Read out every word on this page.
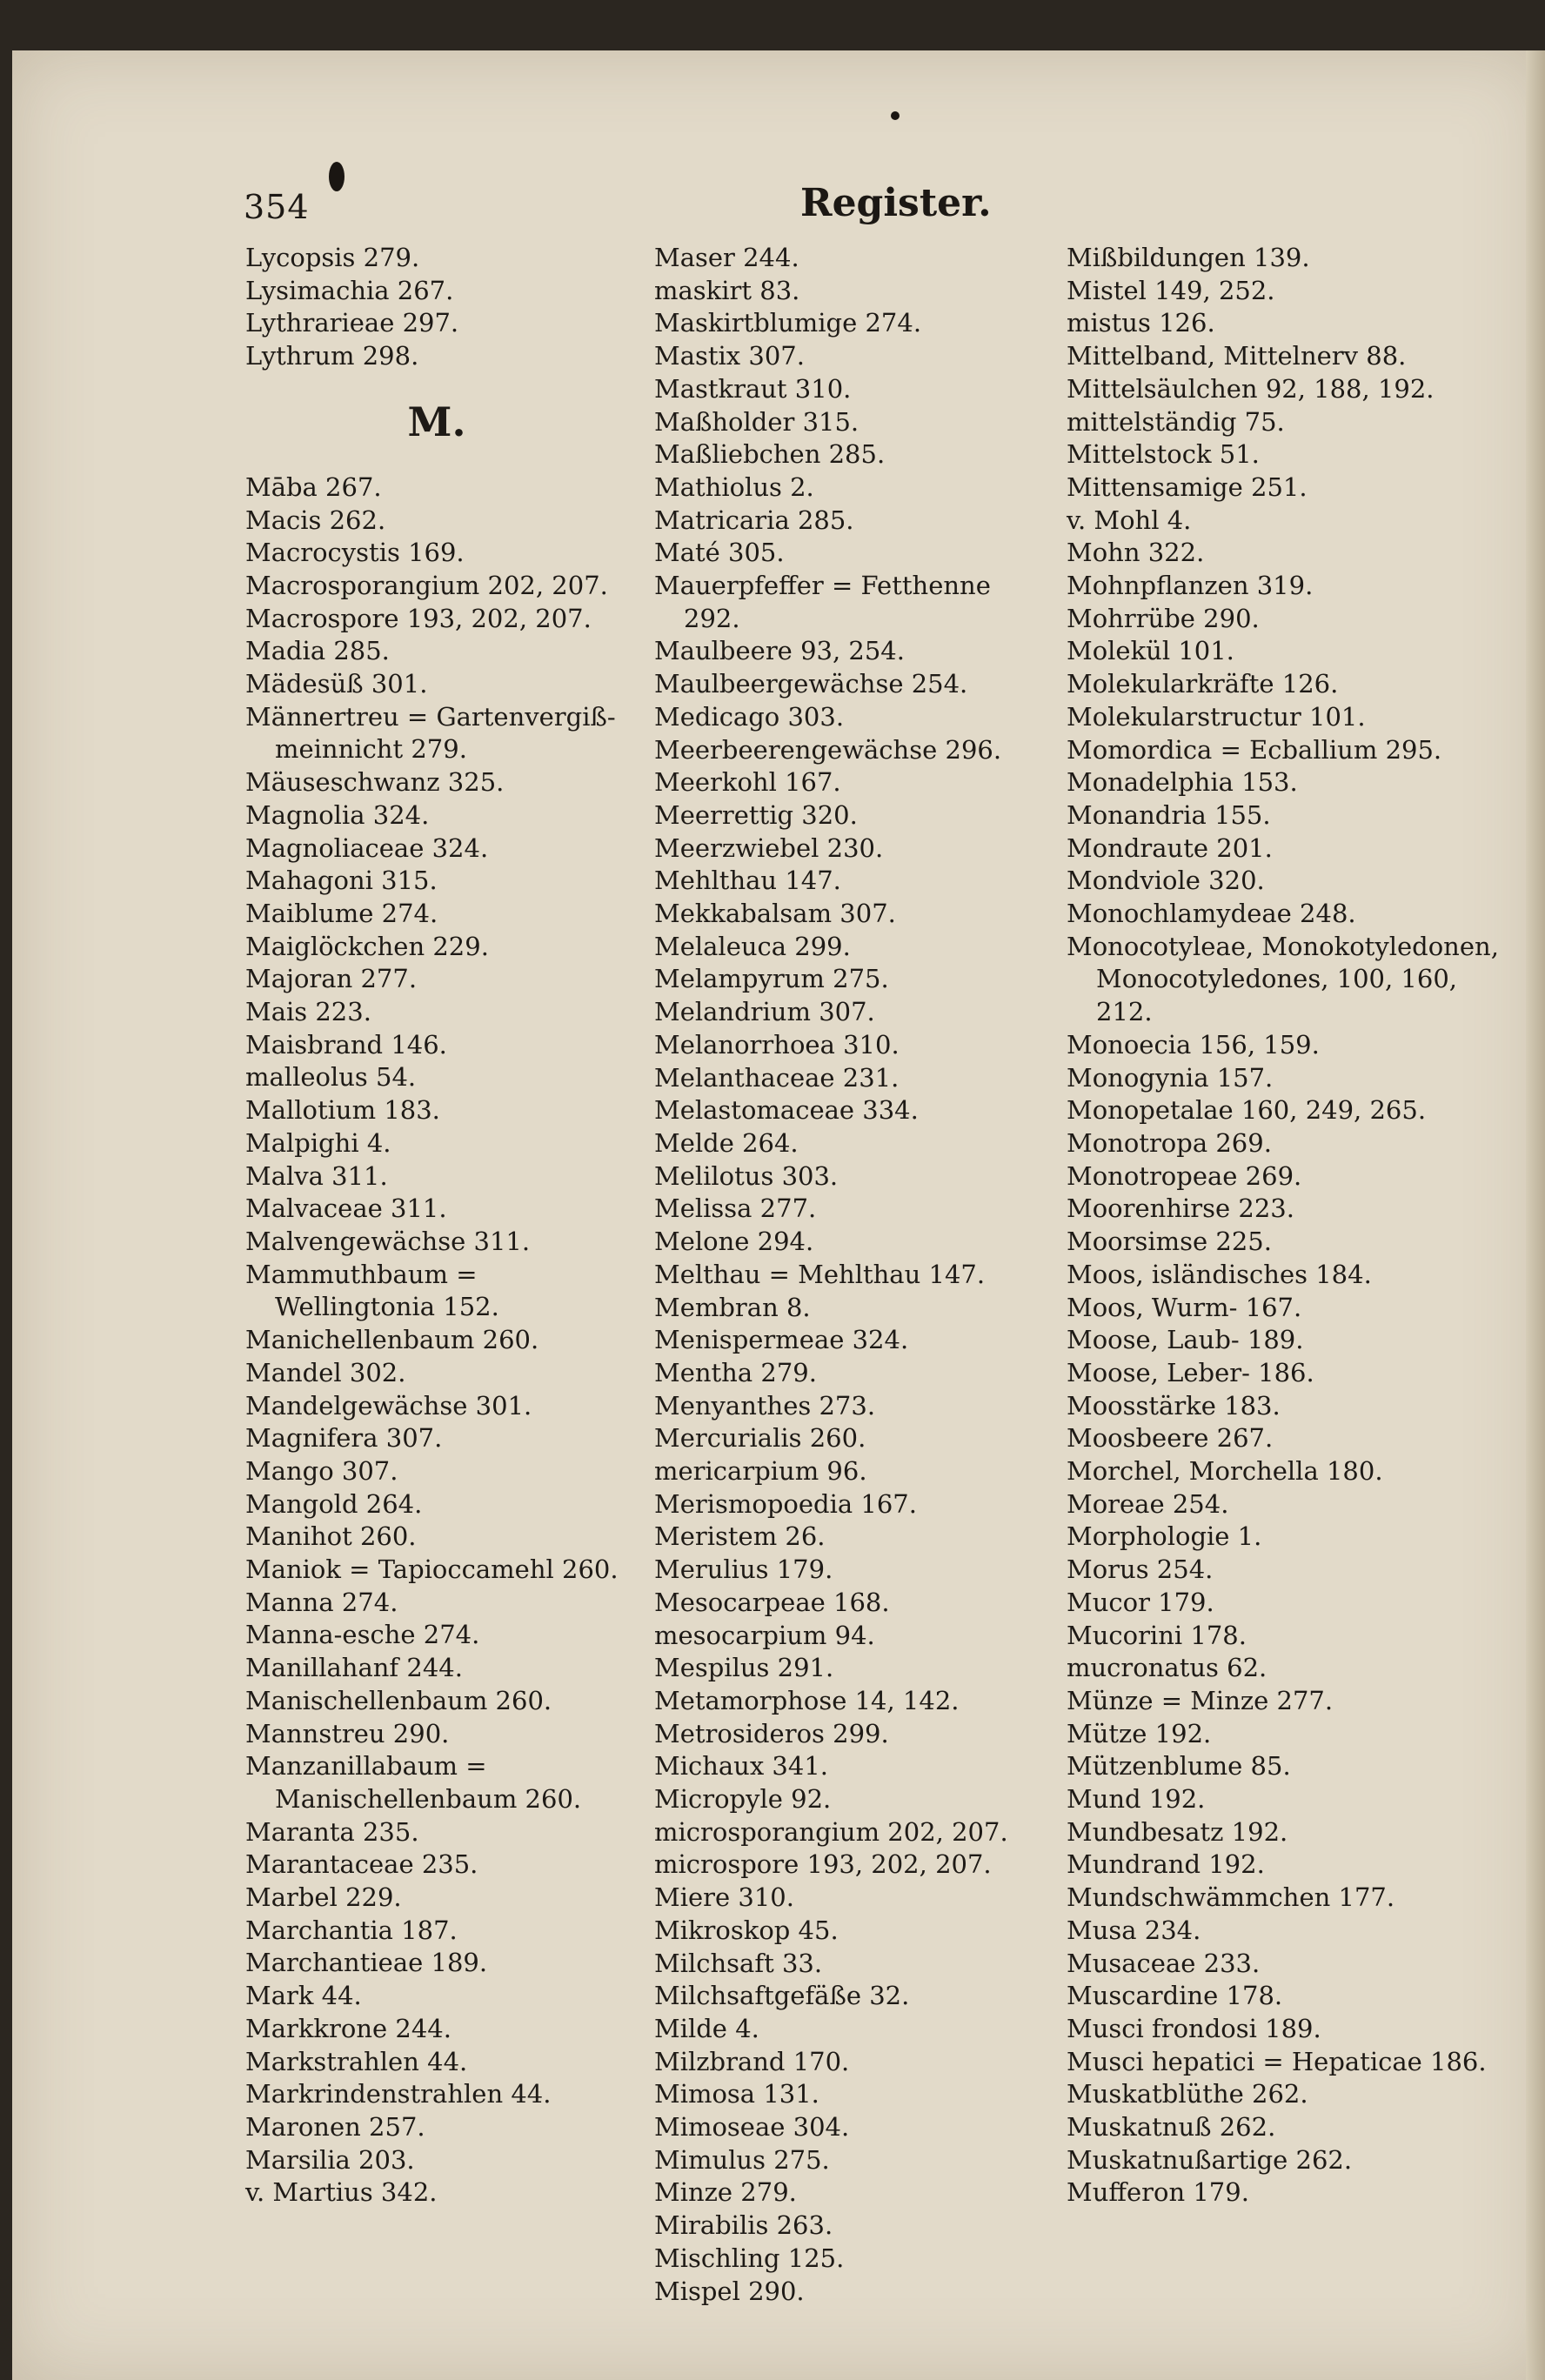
354	Register.
Lycopsis 279.
Lysimachia 267.
Lythrarieae 297.
Lythrum 298.
M.
Māba 267.
Macis 262.
Macrocystis 169.
Macrosporangium 202, 207.
Macrospore 193, 202, 207.
Madia 285.
Mädesüß 301.
Männertreu = Gartenvergiß-meinnicht 279.
Mäuseschwanz 325.
Magnolia 324.
Magnoliaceae 324.
Mahagoni 315.
Maiblume 274.
Maiglöckchen 229.
Majoran 277.
Mais 223.
Maisbrand 146.
malleolus 54.
Mallotium 183.
Malpighi 4.
Malva 311.
Malvaceae 311.
Malvengewächse 311.
Mammuthbaum = Wellingtonia 152.
Manichellenbaum 260.
Mandel 302.
Mandelgewächse 301.
Magnifera 307.
Mango 307.
Mangold 264.
Manihot 260.
Maniok = Tapioccamehl 260.
Manna 274.
Manna-esche 274.
Manillahanf 244.
Manischellenbaum 260.
Mannstreu 290.
Manzanillabaum = Manischellenbaum 260.
Maranta 235.
Marantaceae 235.
Marbel 229.
Marchantia 187.
Marchantieae 189.
Mark 44.
Markkrone 244.
Markstrahlen 44.
Markrindenstrahlen 44.
Maronen 257.
Marsilia 203.
v. Martius 342.
Maser 244.
maskirt 83.
Maskirtblumige 274.
Mastix 307.
Mastkraut 310.
Maßholder 315.
Maßliebchen 285.
Mathiolus 2.
Matricaria 285.
Maté 305.
Mauerpfeffer = Fetthenne 292.
Maulbeere 93, 254.
Maulbeergewächse 254.
Medicago 303.
Meerbeerengewächse 296.
Meerkohl 167.
Meerrettig 320.
Meerzwiebel 230.
Mehlthau 147.
Mekkabalsam 307.
Melaleuca 299.
Melampyrum 275.
Melandrium 307.
Melanorrhoea 310.
Melanthaceae 231.
Melastomaceae 334.
Melde 264.
Melilotus 303.
Melissa 277.
Melone 294.
Melthau = Mehlthau 147.
Membran 8.
Menispermeae 324.
Mentha 279.
Menyanthes 273.
Mercurialis 260.
mericarpium 96.
Merismopoedia 167.
Meristem 26.
Merulius 179.
Mesocarpeae 168.
mesocarpium 94.
Mespilus 291.
Metamorphose 14, 142.
Metrosideros 299.
Michaux 341.
Micropyle 92.
microsporangium 202, 207.
microspore 193, 202, 207.
Miere 310.
Mikroskop 45.
Milchsaft 33.
Milchsaftgefäße 32.
Milde 4.
Milzbrand 170.
Mimosa 131.
Mimoseae 304.
Mimulus 275.
Minze 279.
Mirabilis 263.
Mischling 125.
Mispel 290.
Mißbildungen 139.
Mistel 149, 252.
mistus 126.
Mittelband, Mittelnerv 88.
Mittelsäulchen 92, 188, 192.
mittelständig 75.
Mittelstock 51.
Mittensamige 251.
v. Mohl 4.
Mohn 322.
Mohnpflanzen 319.
Mohrrübe 290.
Molekül 101.
Molekularkräfte 126.
Molekularstructur 101.
Momordica = Ecballium 295.
Monadelphia 153.
Monandria 155.
Mondraute 201.
Mondviole 320.
Monochlamydeae 248.
Monocotyleae, Monokotyledonen, Monocotyledones, 100, 160, 212.
Monoecia 156, 159.
Monogynia 157.
Monopetalae 160, 249, 265.
Monotropa 269.
Monotropeae 269.
Moorenhirse 223.
Moorsimse 225.
Moos, isländisches 184.
Moos, Wurm- 167.
Moose, Laub- 189.
Moose, Leber- 186.
Moosstärke 183.
Moosbeere 267.
Morchel, Morchella 180.
Moreae 254.
Morphologie 1.
Morus 254.
Mucor 179.
Mucorini 178.
mucronatus 62.
Münze = Minze 277.
Mütze 192.
Mützenblume 85.
Mund 192.
Mundbesatz 192.
Mundrand 192.
Mundschwämmchen 177.
Musa 234.
Musaceae 233.
Muscardine 178.
Musci frondosi 189.
Musci hepatici = Hepaticae 186.
Muskatblüthe 262.
Muskatnuß 262.
Muskatnußartige 262.
Mufferon 179.
